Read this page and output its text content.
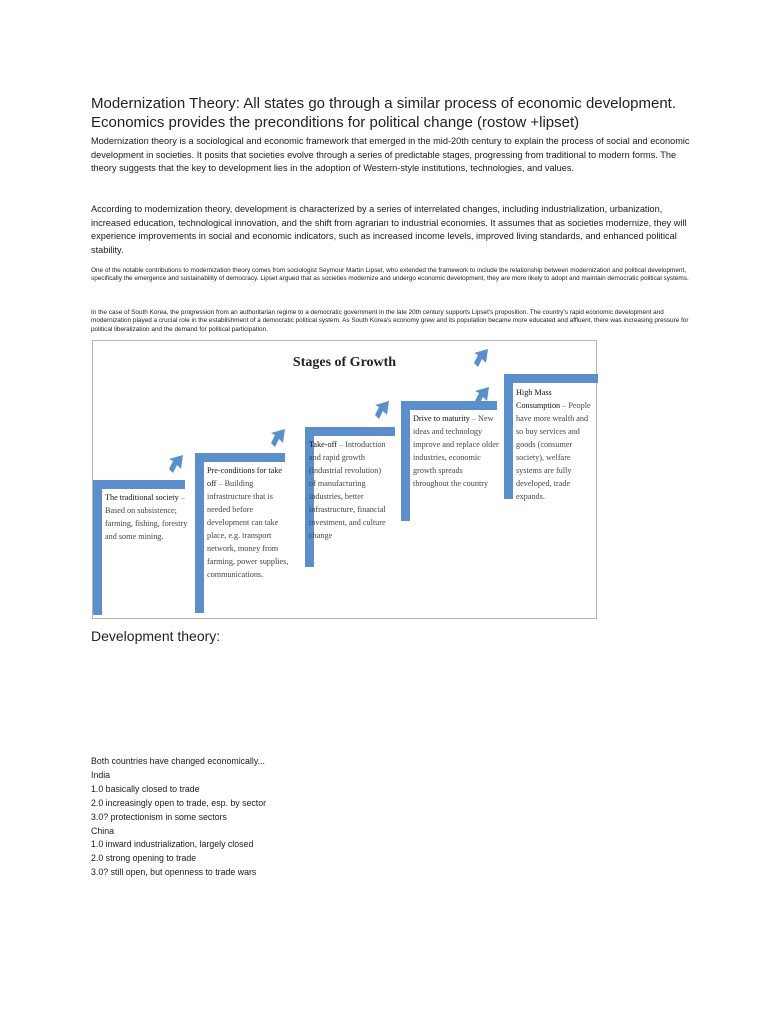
Modernization Theory: All states go through a similar process of economic development. Economics provides the preconditions for political change (rostow +lipset)
Modernization theory is a sociological and economic framework that emerged in the mid-20th century to explain the process of social and economic development in societies. It posits that societies evolve through a series of predictable stages, progressing from traditional to modern forms. The theory suggests that the key to development lies in the adoption of Western-style institutions, technologies, and values.
According to modernization theory, development is characterized by a series of interrelated changes, including industrialization, urbanization, increased education, technological innovation, and the shift from agrarian to industrial economies. It assumes that as societies modernize, they will experience improvements in social and economic indicators, such as increased income levels, improved living standards, and enhanced political stability.
One of the notable contributions to modernization theory comes from sociologist Seymour Martin Lipset, who extended the framework to include the relationship between modernization and political development, specifically the emergence and sustainability of democracy. Lipset argued that as societies modernize and undergo economic development, they are more likely to adopt and maintain democratic political systems.
In the case of South Korea, the progression from an authoritarian regime to a democratic government in the late 20th century supports Lipset's proposition. The country's rapid economic development and modernization played a crucial role in the establishment of a democratic political system. As South Korea's economy grew and its population became more educated and affluent, there was increasing pressure for political liberalization and the demand for political participation.
Stages of Growth
The traditional society – Based on subsistence; farming, fishing, forestry and some mining.
Pre-conditions for take off – Building infrastructure that is needed before development can take place, e.g. transport network, money from farming, power supplies, communications.
Take-off – Introduction and rapid growth (industrial revolution) of manufacturing industries, better infrastructure, financial investment, and culture change
Drive to maturity – New ideas and technology improve and replace older industries, economic growth spreads throughout the country
High Mass Consumption – People have more wealth and so buy services and goods (consumer society), welfare systems are fully developed, trade expands.
Development theory:
Both countries have changed economically...
India
1.0 basically closed to trade
2.0 increasingly open to trade, esp. by sector
3.0? protectionism in some sectors
China
1.0 inward industrialization, largely closed
2.0 strong opening to trade
3.0? still open, but openness to trade wars
